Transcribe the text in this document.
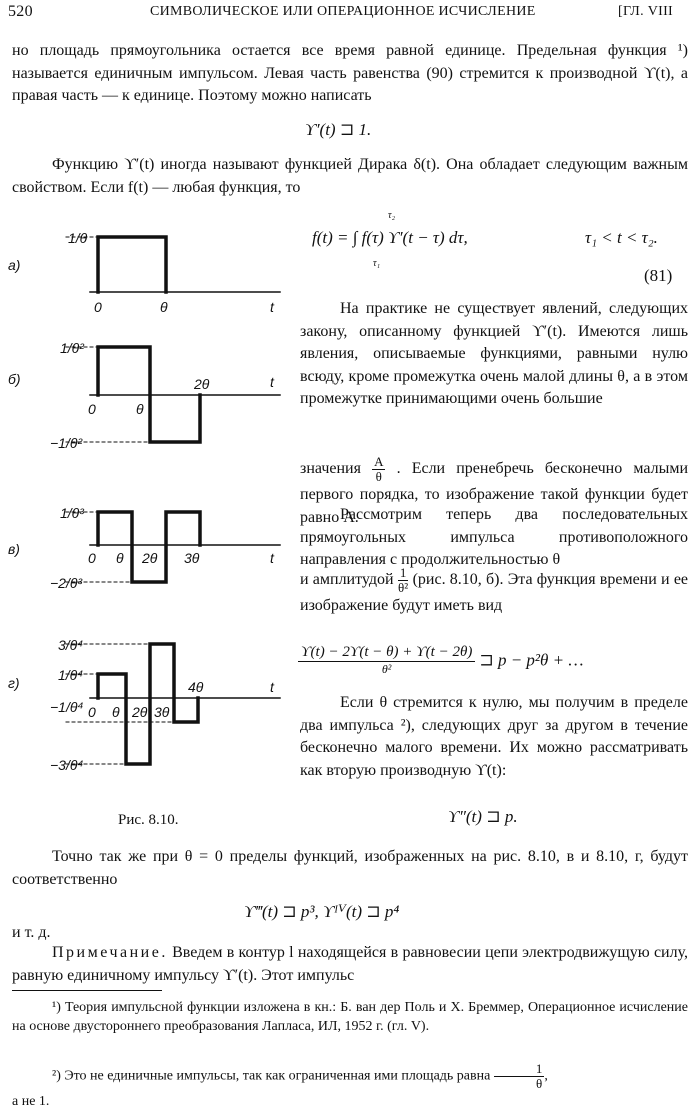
520	СИМВОЛИЧЕСКОЕ ИЛИ ОПЕРАЦИОННОЕ ИСЧИСЛЕНИЕ	[ГЛ. VIII
но площадь прямоугольника остается все время равной единице. Предельная функция ¹) называется единичным импульсом. Левая часть равенства (90) стремится к производной ϒ(t), а правая часть — к единице. Поэтому можно написать
ϒ′(t) ⊐ 1.
Функцию ϒ′(t) иногда называют функцией Дирака δ(t). Она обладает следующим важным свойством. Если f(t) — любая функция, то
f(t) = ∫ f(τ) ϒ′(t − τ) dτ,
τ₂
τ₁
τ₁ < t < τ₂.
(81)
На практике не существует явлений, следующих закону, описанному функцией ϒ′(t). Имеются лишь явления, описываемые функциями, равными нулю всюду, кроме промежутка очень малой длины θ, а в этом промежутке принимающими очень большие
значения $\frac{A}{\theta}$ . Если пренебречь бесконечно малыми первого порядка, то изображение такой функции будет равно A.
Рассмотрим теперь два последовательных прямоугольных импульса противоположного направления с продолжительностью θ
и амплитудой $\frac{1}{\text{θ²}} (рис$. 8.10, б). Эта функция времени и ее изображение будут иметь вид
ϒ(t) − 2ϒ(t − θ) + ϒ(t − 2θ)
θ²	⊐ p − p²θ + …
Если θ стремится к нулю, мы получим в пределе два импульса ²), следующих друг за другом в течение бесконечно малого времени. Их можно рассматривать как вторую производную ϒ(t):
ϒ″(t) ⊐ p.
а)
1/θ
0	θ	t
б)
1/θ²
−1/θ²
0	θ
2θ	t
в)
1/θ³
−2/θ³
0 θ 2θ 3θ	t
г)
3/θ⁴
1/θ⁴
−1/θ⁴
−3/θ⁴
0 θ 2θ 3θ
4θ	t
Рис. 8.10.
Точно так же при θ = 0 пределы функций, изображенных на рис. 8.10, в и 8.10, г, будут соответственно
ϒ‴(t) ⊐ p³, ϒᴵⱽ(t) ⊐ p⁴
и т. д.
Примечание. Введем в контур l находящейся в равновесии цепи электродвижущую силу, равную единичному импульсу ϒ′(t). Этот импульс
¹) Теория импульсной функции изложена в кн.: Б. ван дер Поль и Х. Бреммер, Операционное исчисление на основе двустороннего преобразования Лапласа, ИЛ, 1952 г. (гл. V).
²) Это не единичные импульсы, так как ограниченная ими площадь равна $\frac{1}{\theta}$ ,
а не 1.
